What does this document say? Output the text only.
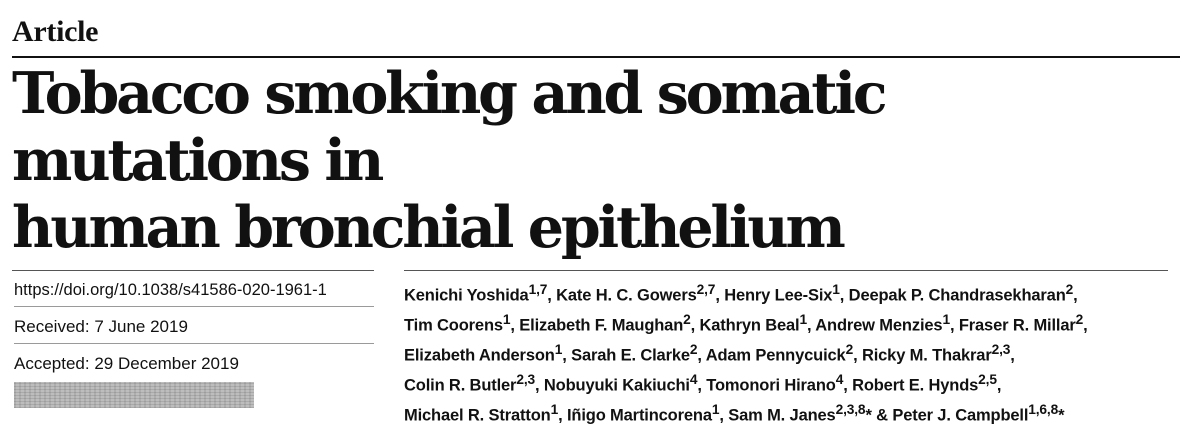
Article
Tobacco smoking and somatic mutations in
human bronchial epithelium
https://doi.org/10.1038/s41586-020-1961-1
Received: 7 June 2019
Accepted: 29 December 2019
Kenichi Yoshida$^{1,7}$, Kate H. C. Gowers$^{2,7}$, Henry Lee-Six$^1$, Deepak P. Chandrasekharan$^2$,
Tim Coorens$^1$, Elizabeth F. Maughan$^2$, Kathryn Beal$^1$, Andrew Menzies$^1$, Fraser R. Millar$^2$,
Elizabeth Anderson$^1$, Sarah E. Clarke$^2$, Adam Pennycuick$^2$, Ricky M. Thakrar$^{2,3}$,
Colin R. Butler$^{2,3}$, Nobuyuki Kakiuchi$^4$, Tomonori Hirano$^4$, Robert E. Hynds$^{2,5}$,
Michael R. Stratton$^1$, Iñigo Martincorena$^1$, Sam M. Janes$^{2,3,8}$* & Peter J. Campbell$^{1,6,8}$*
